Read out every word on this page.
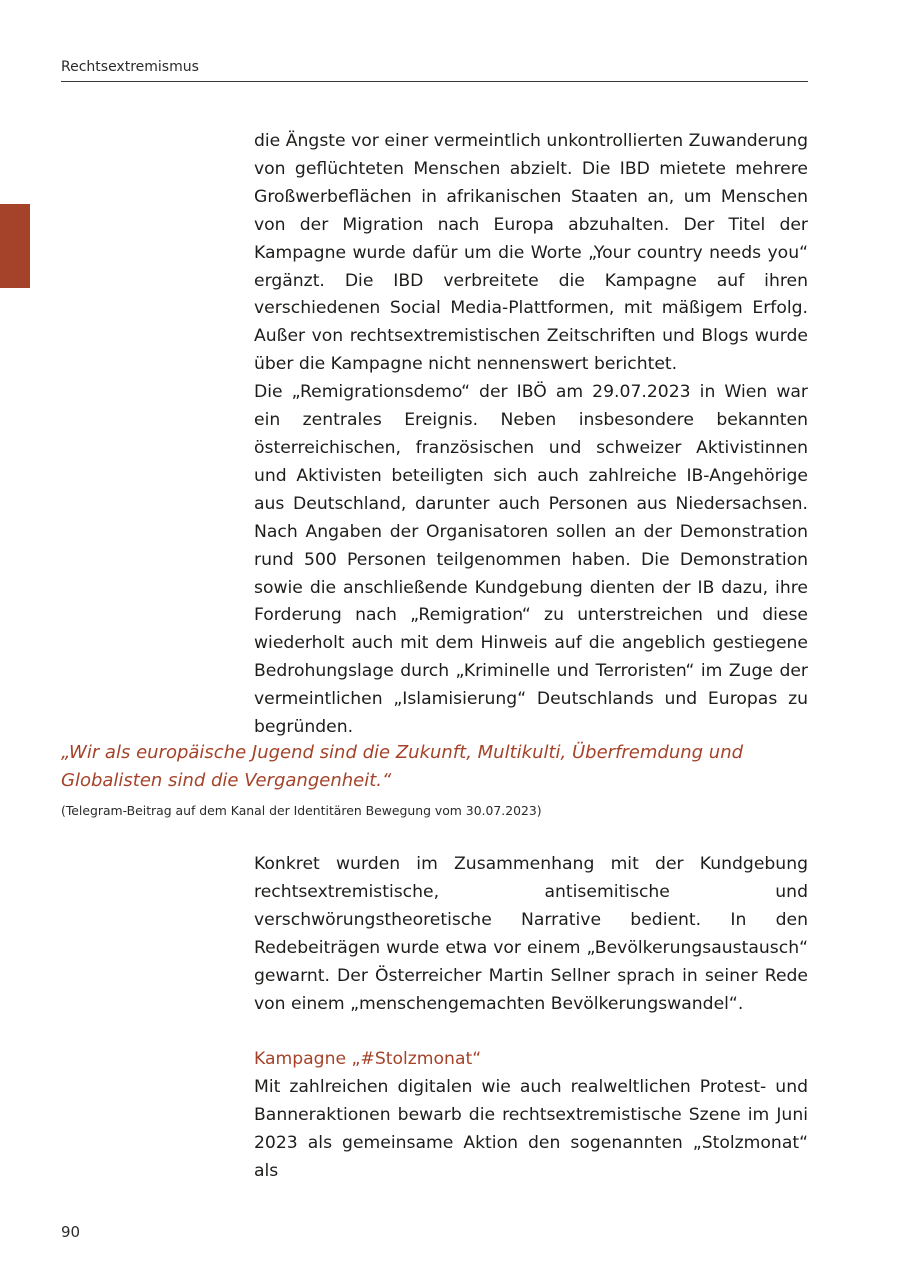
Rechtsextremismus

die Ängste vor einer vermeintlich unkontrollierten Zuwanderung von geflüchteten Menschen abzielt. Die IBD mietete mehrere Großwerbeflächen in afrikanischen Staaten an, um Menschen von der Migration nach Europa abzuhalten. Der Titel der Kampagne wurde dafür um die Worte „Your country needs you“ ergänzt. Die IBD verbreitete die Kampagne auf ihren verschiedenen Social Media-Plattformen, mit mäßigem Erfolg. Außer von rechtsextremistischen Zeitschriften und Blogs wurde über die Kampagne nicht nennenswert berichtet.

Die „Remigrationsdemo“ der IBÖ am 29.07.2023 in Wien war ein zentrales Ereignis. Neben insbesondere bekannten österreichischen, französischen und schweizer Aktivistinnen und Aktivisten beteiligten sich auch zahlreiche IB-Angehörige aus Deutschland, darunter auch Personen aus Niedersachsen. Nach Angaben der Organisatoren sollen an der Demonstration rund 500 Personen teilgenommen haben. Die Demonstration sowie die anschließende Kundgebung dienten der IB dazu, ihre Forderung nach „Remigration“ zu unterstreichen und diese wiederholt auch mit dem Hinweis auf die angeblich gestiegene Bedrohungslage durch „Kriminelle und Terroristen“ im Zuge der vermeintlichen „Islamisierung“ Deutschlands und Europas zu begründen.

„Wir als europäische Jugend sind die Zukunft, Multikulti, Überfremdung und Globalisten sind die Vergangenheit.“
(Telegram-Beitrag auf dem Kanal der Identitären Bewegung vom 30.07.2023)

Konkret wurden im Zusammenhang mit der Kundgebung rechtsextremistische, antisemitische und verschwörungstheoretische Narrative bedient. In den Redebeiträgen wurde etwa vor einem „Bevölkerungsaustausch“ gewarnt. Der Österreicher Martin Sellner sprach in seiner Rede von einem „menschengemachten Bevölkerungswandel“.

Kampagne „#Stolzmonat“

Mit zahlreichen digitalen wie auch realweltlichen Protest- und Banneraktionen bewarb die rechtsextremistische Szene im Juni 2023 als gemeinsame Aktion den sogenannten „Stolzmonat“ als

90
